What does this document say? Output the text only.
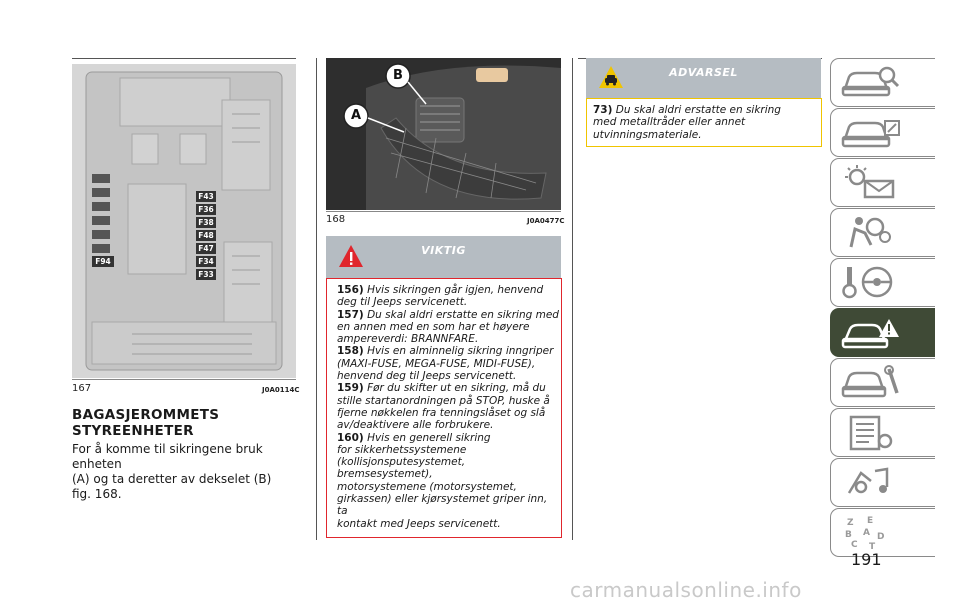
F94
F43
F36
F38
F48
F47
F34
F33
167	J0A0114C
BAGASJEROMMETS
STYREENHETER
For å komme til sikringene bruk enheten
(A) og ta deretter av dekselet (B)
fig. 168.
B
A
168	J0A0477C
VIKTIG
156) Hvis sikringen går igjen, henvend
deg til Jeeps servicenett.
157) Du skal aldri erstatte en sikring med
en annen med en som har et høyere
ampereverdi: BRANNFARE.
158) Hvis en alminnelig sikring inngriper
(MAXI-FUSE, MEGA-FUSE, MIDI-FUSE),
henvend deg til Jeeps servicenett.
159) Før du skifter ut en sikring, må du
stille startanordningen på STOP, huske å
fjerne nøkkelen fra tenningslåset og slå
av/deaktivere alle forbrukere.
160) Hvis en generell sikring
for sikkerhetssystemene
(kollisjonsputesystemet, bremsesystemet),
motorsystemene (motorsystemet,
girkassen) eller kjørsystemet griper inn, ta
kontakt med Jeeps servicenett.
ADVARSEL
73) Du skal aldri erstatte en sikring
med metalltråder eller annet
utvinningsmateriale.
Z E
B A D
C T
191
carmanualsonline.info
